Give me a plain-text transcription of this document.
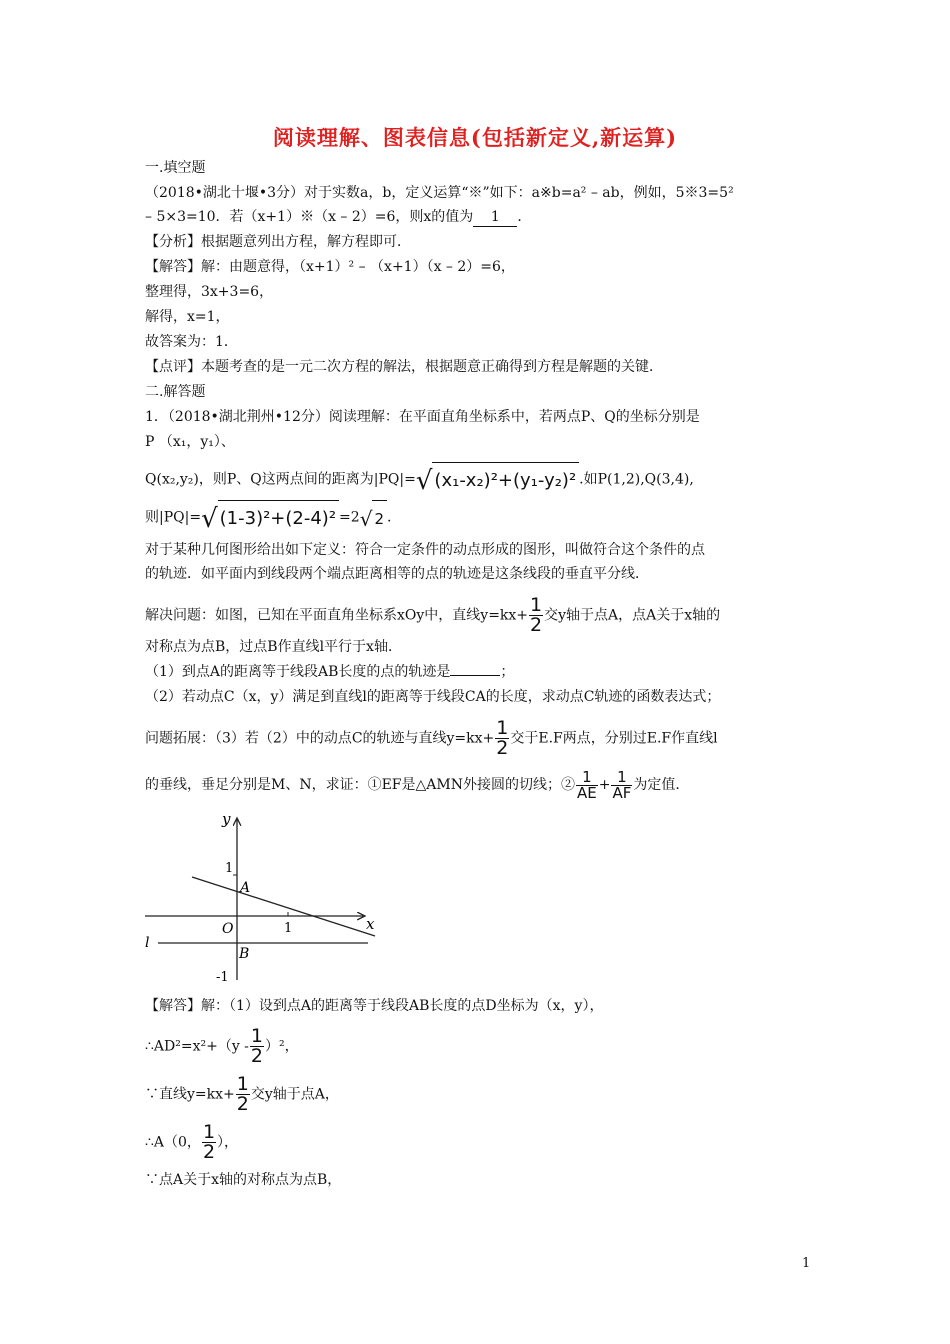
阅读理解、图表信息(包括新定义,新运算)
一.填空题
（2018•湖北十堰•3分）对于实数a，b，定义运算“※”如下：a※b=a² – ab，例如，5※3=5²
– 5×3=10．若（x+1）※（x – 2）=6，则x的值为 1 ．
【分析】根据题意列出方程，解方程即可．
【解答】解：由题意得，（x+1）² – （x+1）（x – 2）=6，
整理得，3x+3=6，
解得，x=1，
故答案为：1．
【点评】本题考查的是一元二次方程的解法，根据题意正确得到方程是解题的关键．
二.解答题
1．（2018•湖北荆州•12分）阅读理解：在平面直角坐标系中，若两点P、Q的坐标分别是
P （x₁，y₁）、
Q(x₂,y₂)，则P、Q这两点间的距离为|PQ|=√ (x₁-x₂)²+(y₁-y₂)² .如P(1,2),Q(3,4),
则|PQ|=√ (1-3)²+(2-4)² =2√ 2 .
对于某种几何图形给出如下定义：符合一定条件的动点形成的图形，叫做符合这个条件的点
的轨迹．如平面内到线段两个端点距离相等的点的轨迹是这条线段的垂直平分线．
解决问题：如图，已知在平面直角坐标系xOy中，直线$y=kx+ \frac{1}{2}$ 交y轴于点A，点A关于x轴的
对称点为点B，过点B作直线l平行于x轴．
（1）到点A的距离等于线段AB长度的点的轨迹是	；
（2）若动点C（x，y）满足到直线l的距离等于线段CA的长度，求动点C轨迹的函数表达式；
问题拓展：（3）若（2）中的动点C的轨迹与直线$y=kx+ \frac{1}{2}$ 交于E.F两点，分别过E.F作直线l
的垂线，垂足分别是M、N，求证：①EF是△AMN外接圆的切线；② $\frac{1}{AE} + \frac{1}{AF}$ 为定值．
y
x
1
1
-1
A
O
B
l
【解答】解：（1）设到点A的距离等于线段AB长度的点D坐标为（x，y），
∴AD²=x²+（y - $\frac{1}{2} )^2$，
∵直线$y=kx+ \frac{1}{2}$ 交y轴于点A，
∴A（0， $\frac{1}{2}$ ），
∵点A关于x轴的对称点为点B，
1
